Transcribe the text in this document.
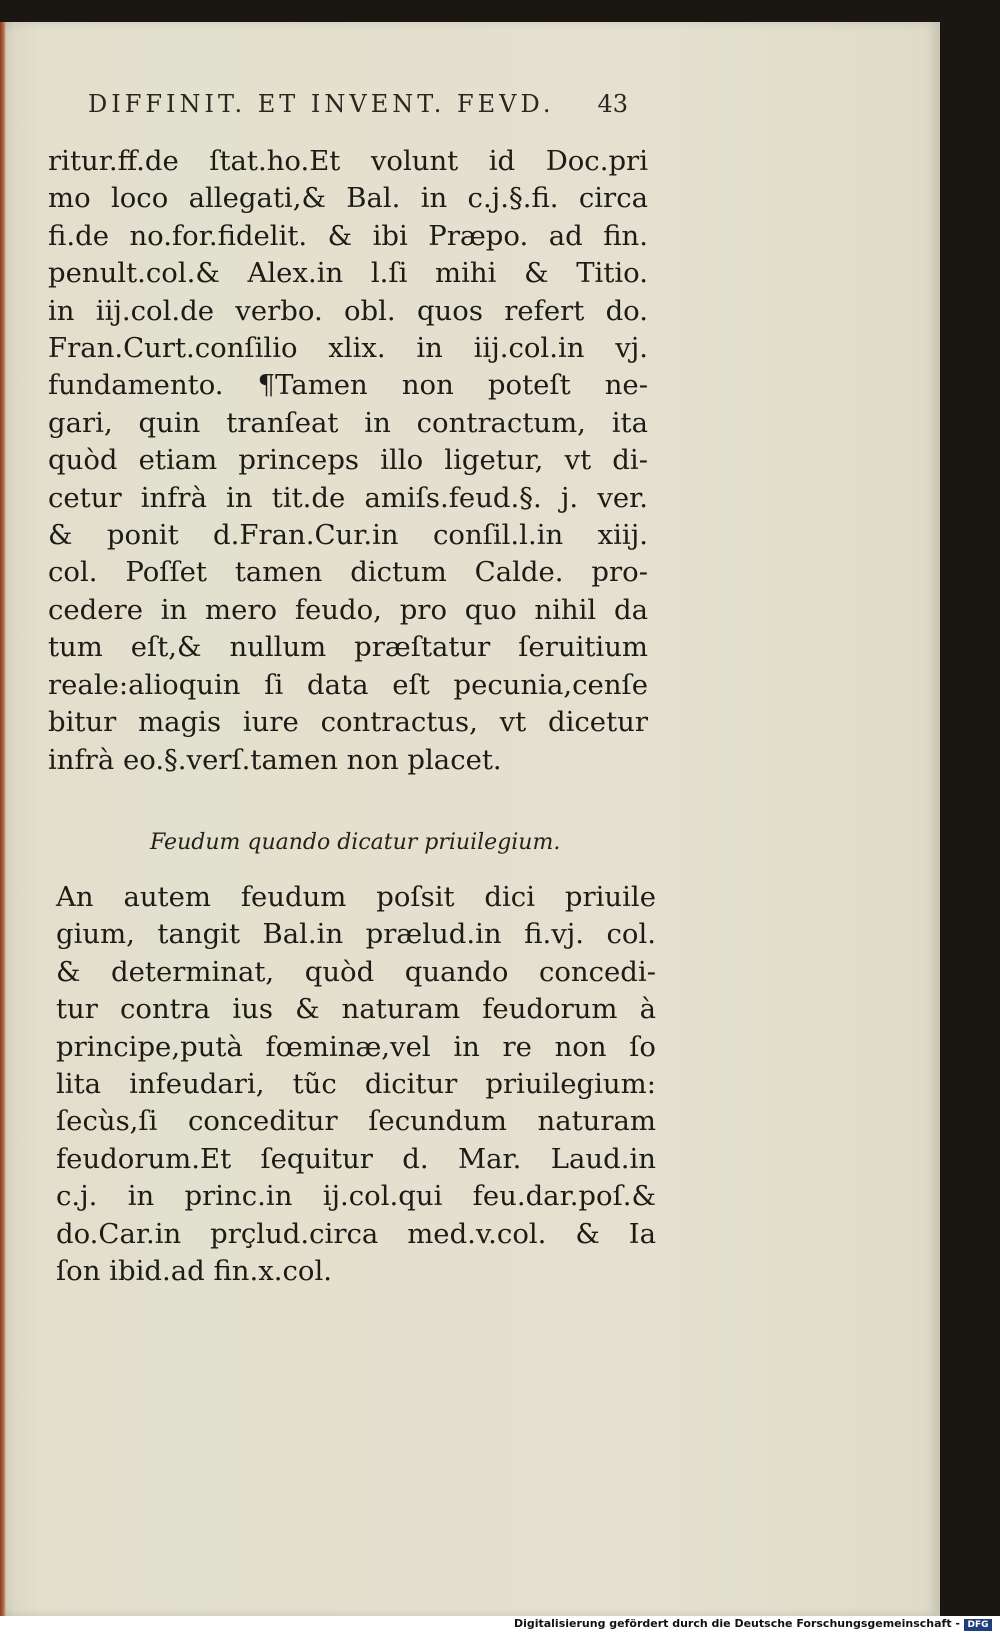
DIFFINIT. ET INVENT. FEVD. 43
ritur.ff.de ſtat.ho.Et volunt id Doc.pri
mo loco allegati,& Bal. in c.j.§.fi. circa
fi.de no.for.fidelit. & ibi Præpo. ad fin.
penult.col.& Alex.in l.ſi mihi & Titio.
in iij.col.de verbo. obl. quos refert do.
Fran.Curt.conſilio xlix. in iij.col.in vj.
fundamento. ¶Tamen non poteſt ne-
gari, quin tranſeat in contractum, ita
quòd etiam princeps illo ligetur, vt di-
cetur infrà in tit.de amiſs.feud.§. j. ver.
& ponit d.Fran.Cur.in conſil.l.in xiij.
col. Poſſet tamen dictum Calde. pro-
cedere in mero feudo, pro quo nihil da
tum eſt,& nullum præſtatur ſeruitium
reale:alioquin ſi data eſt pecunia,cenſe
bitur magis iure contractus, vt dicetur
infrà eo.§.verſ.tamen non placet.
Feudum quando dicatur priuilegium.
An autem feudum poſsit dici priuile
gium, tangit Bal.in prælud.in fi.vj. col.
& determinat, quòd quando concedi-
tur contra ius & naturam feudorum à
principe,putà fœminæ,vel in re non ſo
lita infeudari, tũc dicitur priuilegium:
ſecùs,ſi conceditur ſecundum naturam
feudorum.Et ſequitur d. Mar. Laud.in
c.j. in princ.in ij.col.qui feu.dar.poſ.&
do.Car.in prçlud.circa med.v.col. & Ia
ſon ibid.ad fin.x.col.
Digitalisierung gefördert durch die Deutsche Forschungsgemeinschaft - DFG
